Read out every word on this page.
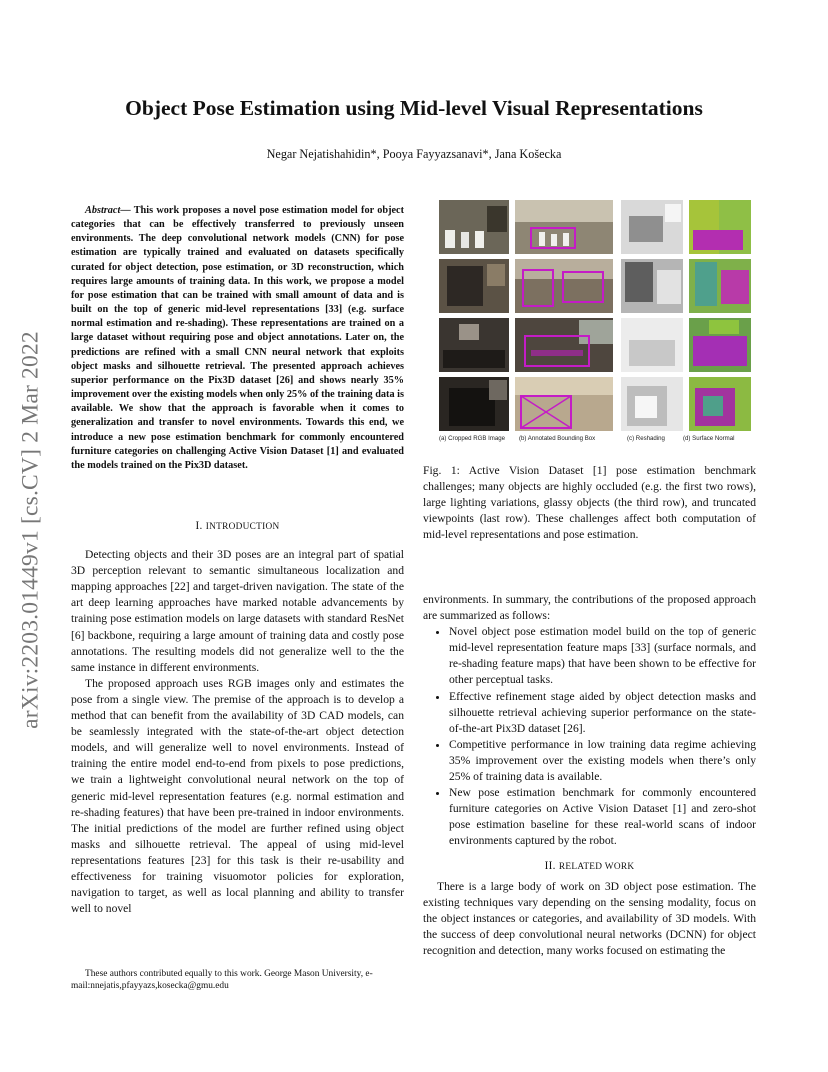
arXiv:2203.01449v1 [cs.CV] 2 Mar 2022
Object Pose Estimation using Mid-level Visual Representations
Negar Nejatishahidin*, Pooya Fayyazsanavi*, Jana Košecka
Abstract— This work proposes a novel pose estimation model for object categories that can be effectively transferred to previously unseen environments. The deep convolutional network models (CNN) for pose estimation are typically trained and evaluated on datasets specifically curated for object detection, pose estimation, or 3D reconstruction, which requires large amounts of training data. In this work, we propose a model for pose estimation that can be trained with small amount of data and is built on the top of generic mid-level representations [33] (e.g. surface normal estimation and re-shading). These representations are trained on a large dataset without requiring pose and object annotations. Later on, the predictions are refined with a small CNN neural network that exploits object masks and silhouette retrieval. The presented approach achieves superior performance on the Pix3D dataset [26] and shows nearly 35% improvement over the existing models when only 25% of the training data is available. We show that the approach is favorable when it comes to generalization and transfer to novel environments. Towards this end, we introduce a new pose estimation benchmark for commonly encountered furniture categories on challenging Active Vision Dataset [1] and evaluated the models trained on the Pix3D dataset.
I. INTRODUCTION

Detecting objects and their 3D poses are an integral part of spatial 3D perception relevant to semantic simultaneous localization and mapping approaches [22] and target-driven navigation. The state of the art deep learning approaches have marked notable advancements by training pose estimation models on large datasets with standard ResNet [6] backbone, requiring a large amount of training data and costly pose annotations. The resulting models did not generalize well to the the same instance in different environments.

The proposed approach uses RGB images only and estimates the pose from a single view. The premise of the approach is to develop a method that can benefit from the availability of 3D CAD models, can be seamlessly integrated with the state-of-the-art object detection models, and will generalize well to novel environments. Instead of training the entire model end-to-end from pixels to pose predictions, we train a lightweight convolutional neural network on the top of generic mid-level representation features (e.g. normal estimation and re-shading features) that have been pre-trained in indoor environments. The initial predictions of the model are further refined using object masks and silhouette retrieval. The appeal of using mid-level representations features [23] for this task is their re-usability and effectiveness for training visuomotor policies for exploration, navigation to target, as well as local planning and ability to transfer well to novel

These authors contributed equally to this work. George Mason University, e-mail:nnejatis,pfayyazs,kosecka@gmu.edu
(a) Cropped RGB Image (b) Annotated Bounding Box	(c) Reshading	(d) Surface Normal
Fig. 1: Active Vision Dataset [1] pose estimation benchmark challenges; many objects are highly occluded (e.g. the first two rows), large lighting variations, glassy objects (the third row), and truncated viewpoints (last row). These challenges affect both computation of mid-level representations and pose estimation.
environments. In summary, the contributions of the proposed approach are summarized as follows:
• Novel object pose estimation model build on the top of generic mid-level representation feature maps [33] (surface normals, and re-shading feature maps) that have been shown to be effective for other perceptual tasks.
• Effective refinement stage aided by object detection masks and silhouette retrieval achieving superior performance on the state-of-the-art Pix3D dataset [26].
• Competitive performance in low training data regime achieving 35% improvement over the existing models when there’s only 25% of training data is available.
• New pose estimation benchmark for commonly encountered furniture categories on Active Vision Dataset [1] and zero-shot pose estimation baseline for these real-world scans of indoor environments captured by the robot.
II. RELATED WORK

There is a large body of work on 3D object pose estimation. The existing techniques vary depending on the sensing modality, focus on the object instances or categories, and availability of 3D models. With the success of deep convolutional neural networks (DCNN) for object recognition and detection, many works focused on estimating the
